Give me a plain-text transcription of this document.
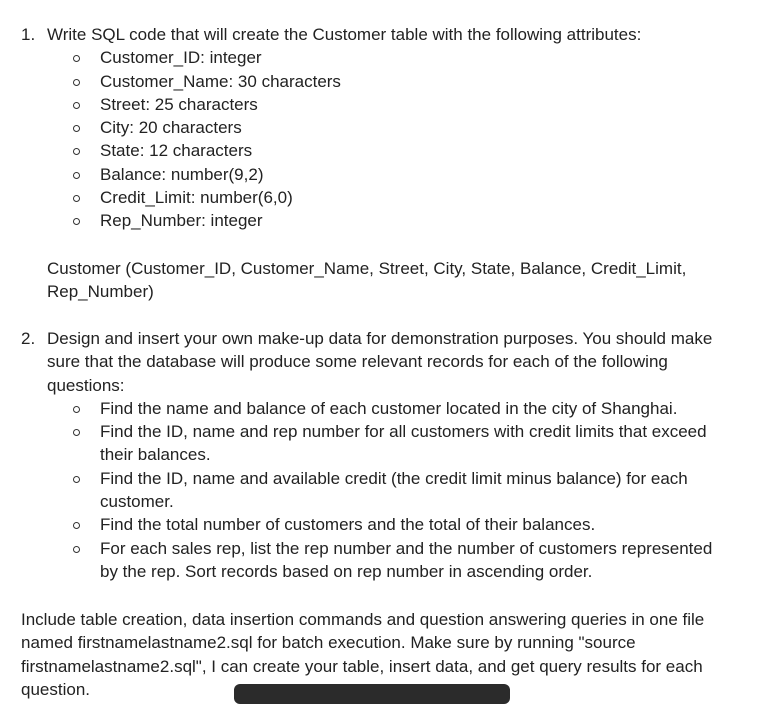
1. Write SQL code that will create the Customer table with the following attributes:
Customer_ID: integer
Customer_Name: 30 characters
Street: 25 characters
City: 20 characters
State: 12 characters
Balance: number(9,2)
Credit_Limit: number(6,0)
Rep_Number: integer
Customer (Customer_ID, Customer_Name, Street, City, State, Balance, Credit_Limit, Rep_Number)
2. Design and insert your own make-up data for demonstration purposes. You should make sure that the database will produce some relevant records for each of the following questions:
Find the name and balance of each customer located in the city of Shanghai.
Find the ID, name and rep number for all customers with credit limits that exceed their balances.
Find the ID, name and available credit (the credit limit minus balance) for each customer.
Find the total number of customers and the total of their balances.
For each sales rep, list the rep number and the number of customers represented by the rep. Sort records based on rep number in ascending order.
Include table creation, data insertion commands and question answering queries in one file named firstnamelastname2.sql for batch execution. Make sure by running "source firstnamelastname2.sql", I can create your table, insert data, and get query results for each question.
